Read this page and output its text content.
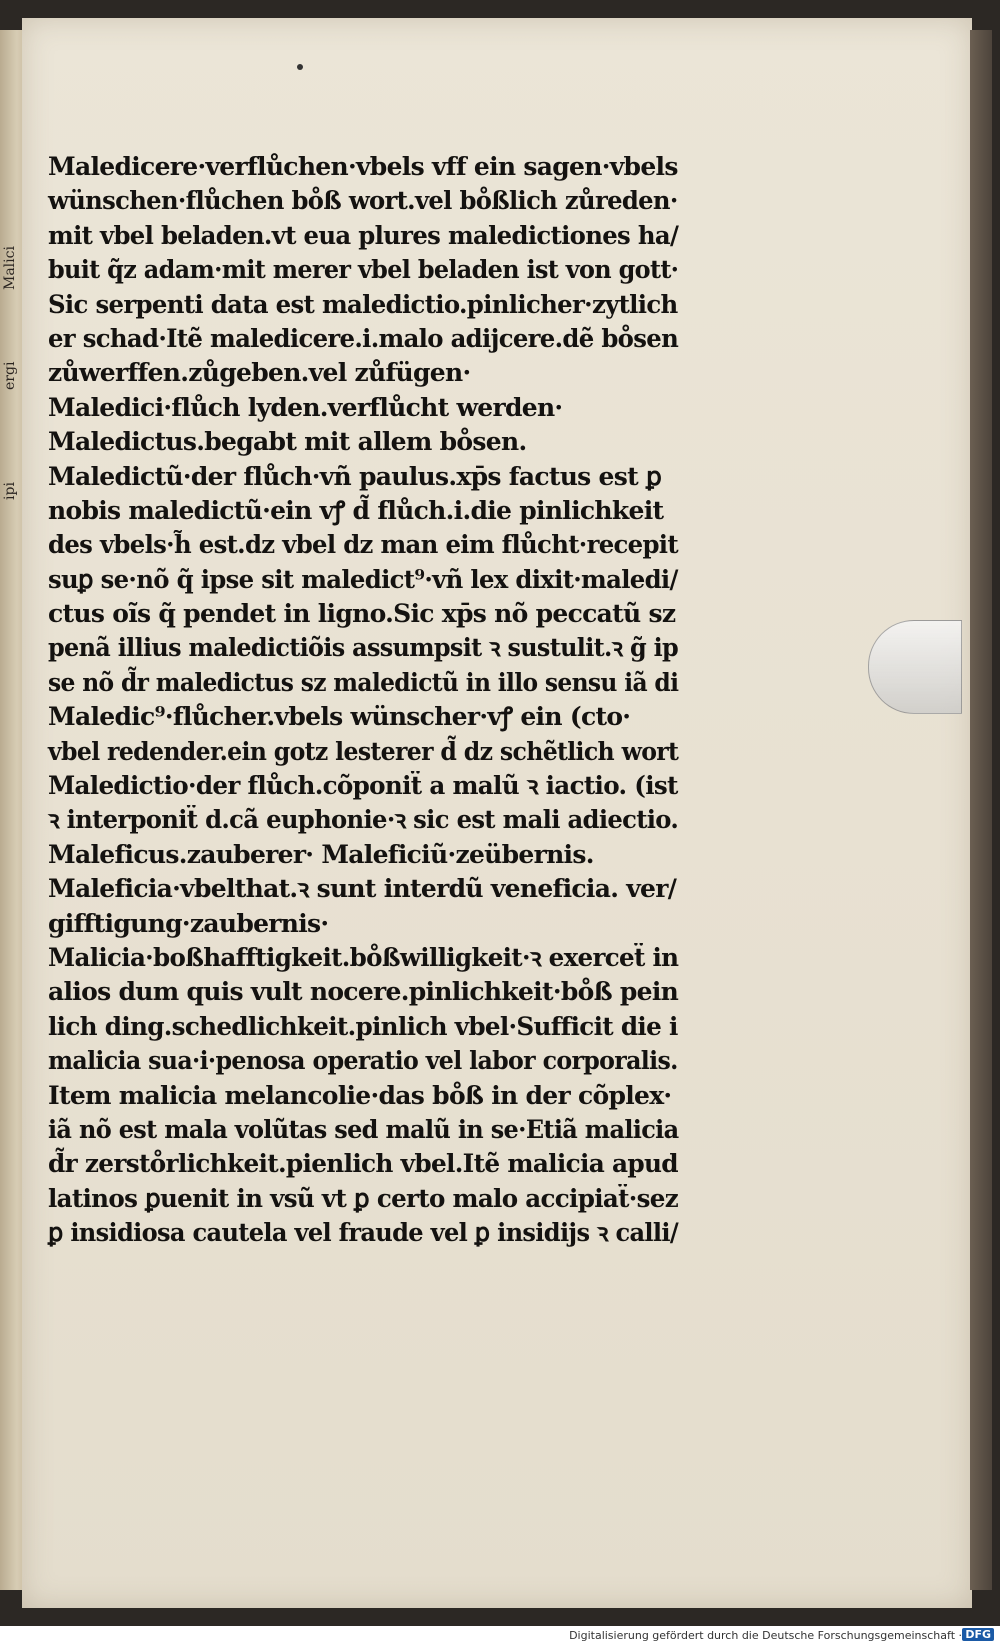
Malici
ergi
ipi
Maledicere·verflůchen·vbels vff ein sagen·vbels
wünschen·flůchen bo̊ß wort.vel bo̊ßlich zůreden·
mit vbel beladen.vt eua plures maledictiones ha/
buit q̃z adam·mit merer vbel beladen ist von gott·
Sic serpenti data est maledictio.pinlicher·zytlich
er schad·Itẽ maledicere.i.malo adijcere.dẽ bo̊sen
zůwerffen.zůgeben.vel zůfügen·
Maledici·flůch lyden.verflůcht werden·
Maledictus.begabt mit allem bo̊sen.
Maledictũ·der flůch·vñ paulus.xp̄s factus est ꝑ
nobis maledictũ·ein vꝭ d̃ flůch.i.die pinlichkeit
des vbels·h̃ est.dz vbel dz man eim flůcht·recepit
suꝑ se·nõ q̃ ipse sit maledict⁹·vñ lex dixit·maledi/
ctus oĩs q̃ pendet in ligno.Sic xp̄s nõ peccatũ sz
penã illius maledictiõis assumpsit ꝛ sustulit.ꝛ g̃ ip
se nõ d̃r maledictus sz maledictũ in illo sensu iã di
Maledic⁹·flůcher.vbels wünscher·vꝭ ein (cto·
vbel redender.ein gotz lesterer d̃ dz schẽtlich wort
Maledictio·der flůch.cõponiẗ a malũ ꝛ iactio. (ist
ꝛ interponiẗ d.cã euphonie·ꝛ sic est mali adiectio.
Maleficus.zauberer· Maleficiũ·zeübernis.
Maleficia·vbelthat.ꝛ sunt interdũ veneficia. ver/
gifftigung·zaubernis·
Malicia·boßhafftigkeit.bo̊ßwilligkeit·ꝛ exerceẗ in
alios dum quis vult nocere.pinlichkeit·bo̊ß pein
lich ding.schedlichkeit.pinlich vbel·Sufficit die i
malicia sua·i·penosa operatio vel labor corporalis.
Item malicia melancolie·das bo̊ß in der cõplex·
iã nõ est mala volũtas sed malũ in se·Etiã malicia
d̃r zersto̊rlichkeit.pienlich vbel.Itẽ malicia apud
latinos ꝑuenit in vsũ vt ꝑ certo malo accipiaẗ·sez
ꝑ insidiosa cautela vel fraude vel ꝑ insidijs ꝛ calli/
Digitalisierung gefördert durch die Deutsche Forschungsgemeinschaft · DFG
